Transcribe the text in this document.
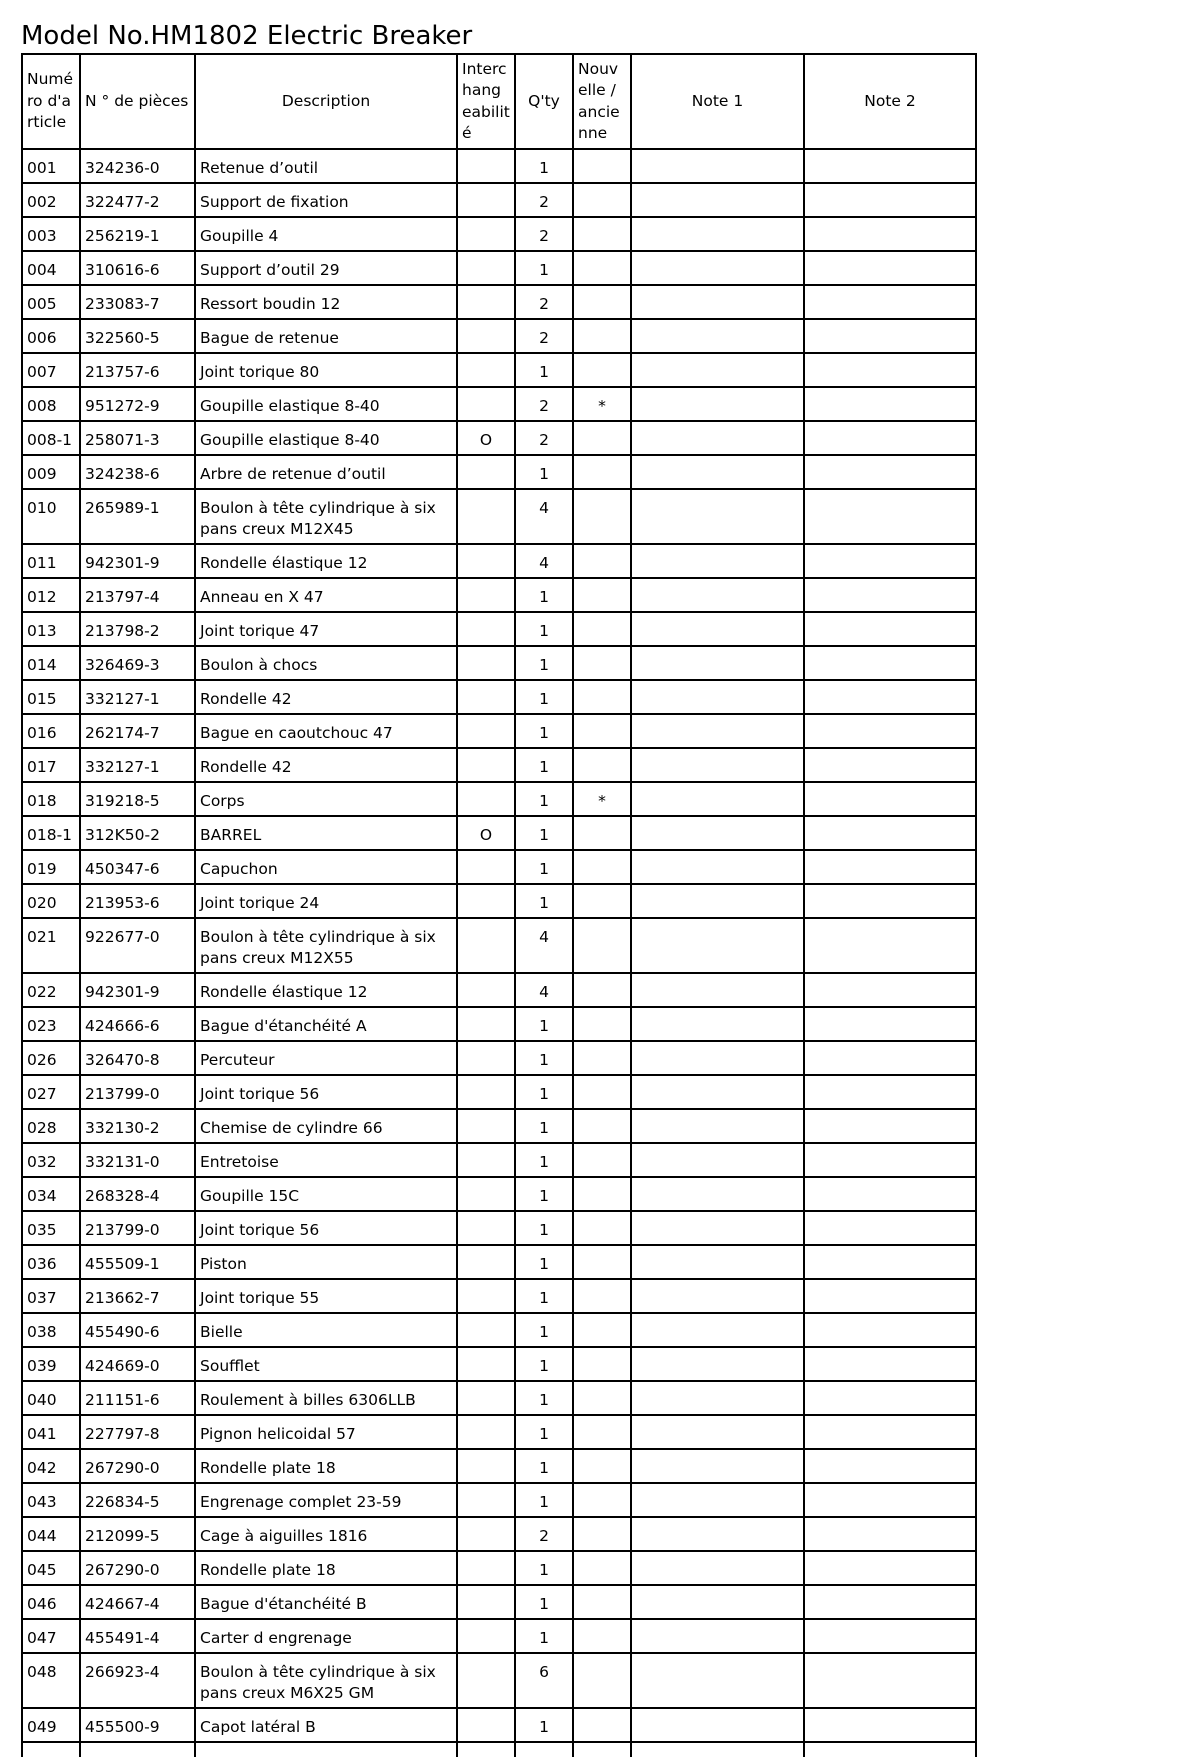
Model No.HM1802 Electric Breaker
Numé ro d'a rticle	N ° de pièces	Description	Interc hang eabilit é	Q'ty	Nouv elle / ancie nne	Note 1	Note 2
001	324236-0	Retenue d’outil		1			
002	322477-2	Support de fixation		2			
003	256219-1	Goupille 4		2			
004	310616-6	Support d’outil 29		1			
005	233083-7	Ressort boudin 12		2			
006	322560-5	Bague de retenue		2			
007	213757-6	Joint torique 80		1			
008	951272-9	Goupille elastique 8-40		2	*		
008-1	258071-3	Goupille elastique 8-40	O	2			
009	324238-6	Arbre de retenue d’outil		1			
010	265989-1	Boulon à tête cylindrique à six pans creux M12X45		4			
011	942301-9	Rondelle élastique 12		4			
012	213797-4	Anneau en X 47		1			
013	213798-2	Joint torique 47		1			
014	326469-3	Boulon à chocs		1			
015	332127-1	Rondelle 42		1			
016	262174-7	Bague en caoutchouc 47		1			
017	332127-1	Rondelle 42		1			
018	319218-5	Corps		1	*		
018-1	312K50-2	BARREL	O	1			
019	450347-6	Capuchon		1			
020	213953-6	Joint torique 24		1			
021	922677-0	Boulon à tête cylindrique à six pans creux M12X55		4			
022	942301-9	Rondelle élastique 12		4			
023	424666-6	Bague d'étanchéité A		1			
026	326470-8	Percuteur		1			
027	213799-0	Joint torique 56		1			
028	332130-2	Chemise de cylindre 66		1			
032	332131-0	Entretoise		1			
034	268328-4	Goupille 15C		1			
035	213799-0	Joint torique 56		1			
036	455509-1	Piston		1			
037	213662-7	Joint torique 55		1			
038	455490-6	Bielle		1			
039	424669-0	Soufflet		1			
040	211151-6	Roulement à billes 6306LLB		1			
041	227797-8	Pignon helicoidal 57		1			
042	267290-0	Rondelle plate 18		1			
043	226834-5	Engrenage complet 23-59		1			
044	212099-5	Cage à aiguilles 1816		2			
045	267290-0	Rondelle plate 18		1			
046	424667-4	Bague d'étanchéité B		1			
047	455491-4	Carter d engrenage		1			
048	266923-4	Boulon à tête cylindrique à six pans creux M6X25 GM		6			
049	455500-9	Capot latéral B		1			
